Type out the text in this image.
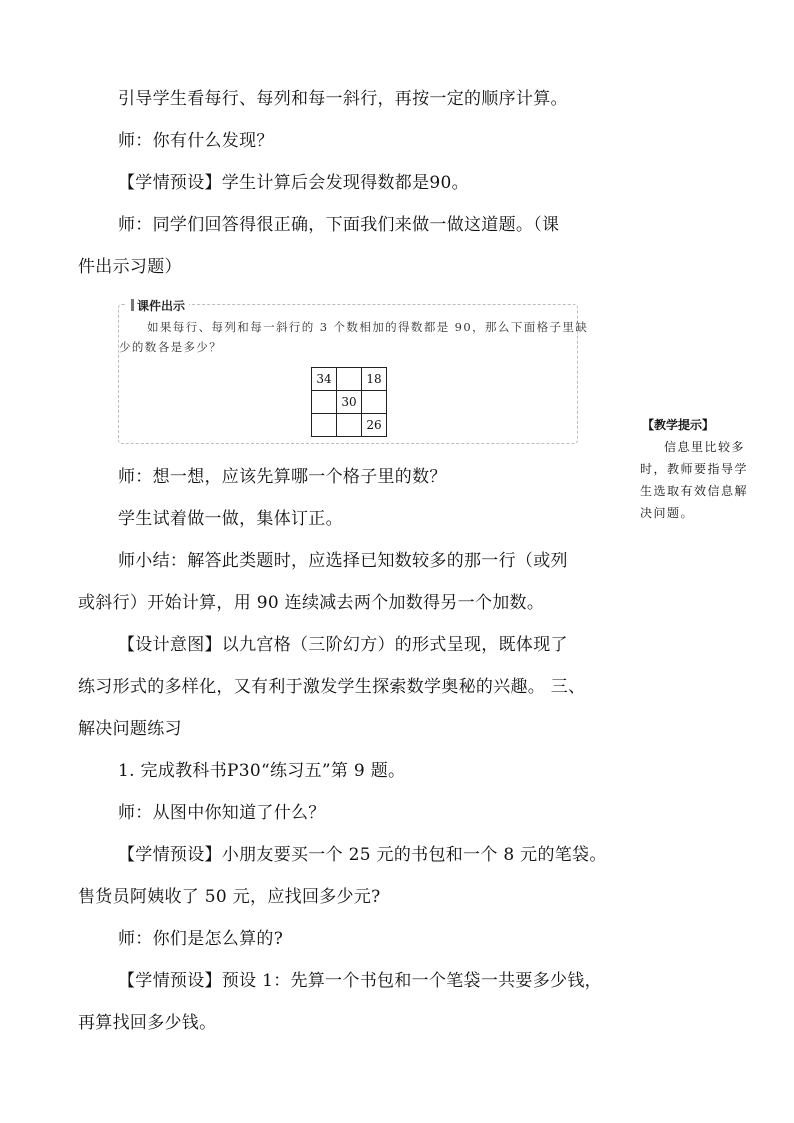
引导学生看每行、每列和每一斜行，再按一定的顺序计算。
师：你有什么发现？
【学情预设】学生计算后会发现得数都是90。
师：同学们回答得很正确，下面我们来做一做这道题。（课
件出示习题）
课件出示
如果每行、每列和每一斜行的 3 个数相加的得数都是 90，那么下面格子里缺
少的数各是多少？
34		18
	30	
		26	【教学提示】
信息里比较多时，教师要指导学生选取有效信息解决问题。
师：想一想，应该先算哪一个格子里的数？
学生试着做一做，集体订正。
师小结：解答此类题时，应选择已知数较多的那一行（或列
或斜行）开始计算，用 90 连续减去两个加数得另一个加数。
【设计意图】以九宫格（三阶幻方）的形式呈现，既体现了
练习形式的多样化，又有利于激发学生探索数学奥秘的兴趣。 三、
解决问题练习
1. 完成教科书P30“练习五”第 9 题。
师：从图中你知道了什么？
【学情预设】小朋友要买一个 25 元的书包和一个 8 元的笔袋。
售货员阿姨收了 50 元，应找回多少元?
师：你们是怎么算的?
【学情预设】预设 1：先算一个书包和一个笔袋一共要多少钱，
再算找回多少钱。
